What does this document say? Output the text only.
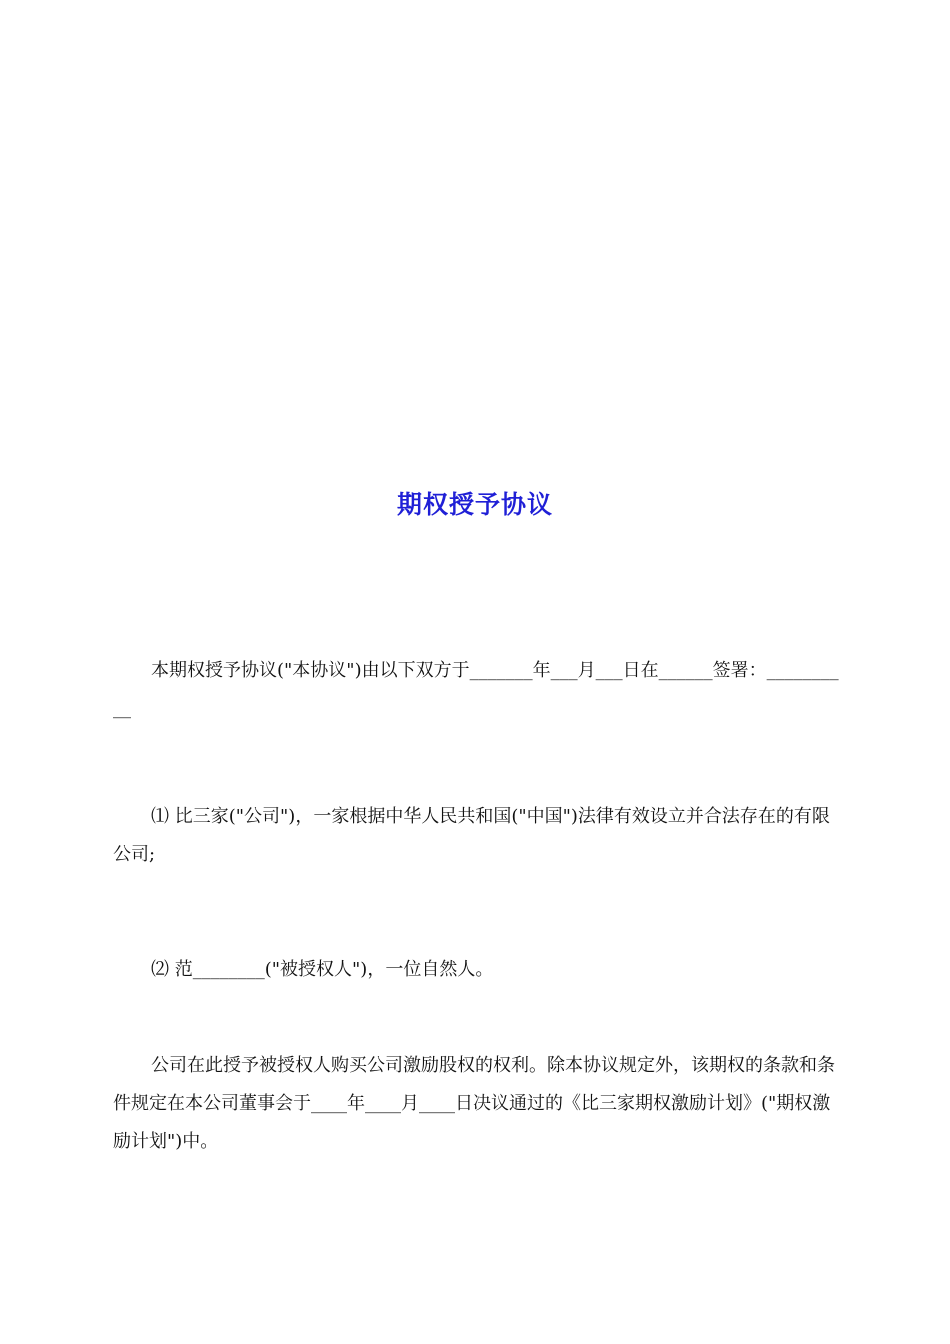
期权授予协议
本期权授予协议("本协议")由以下双方于_______年___月___日在______签署：__________
⑴ 比三家("公司")，一家根据中华人民共和国("中国")法律有效设立并合法存在的有限公司;
⑵ 范________("被授权人")，一位自然人。
公司在此授予被授权人购买公司激励股权的权利。除本协议规定外，该期权的条款和条件规定在本公司董事会于____年____月____日决议通过的《比三家期权激励计划》("期权激励计划")中。
